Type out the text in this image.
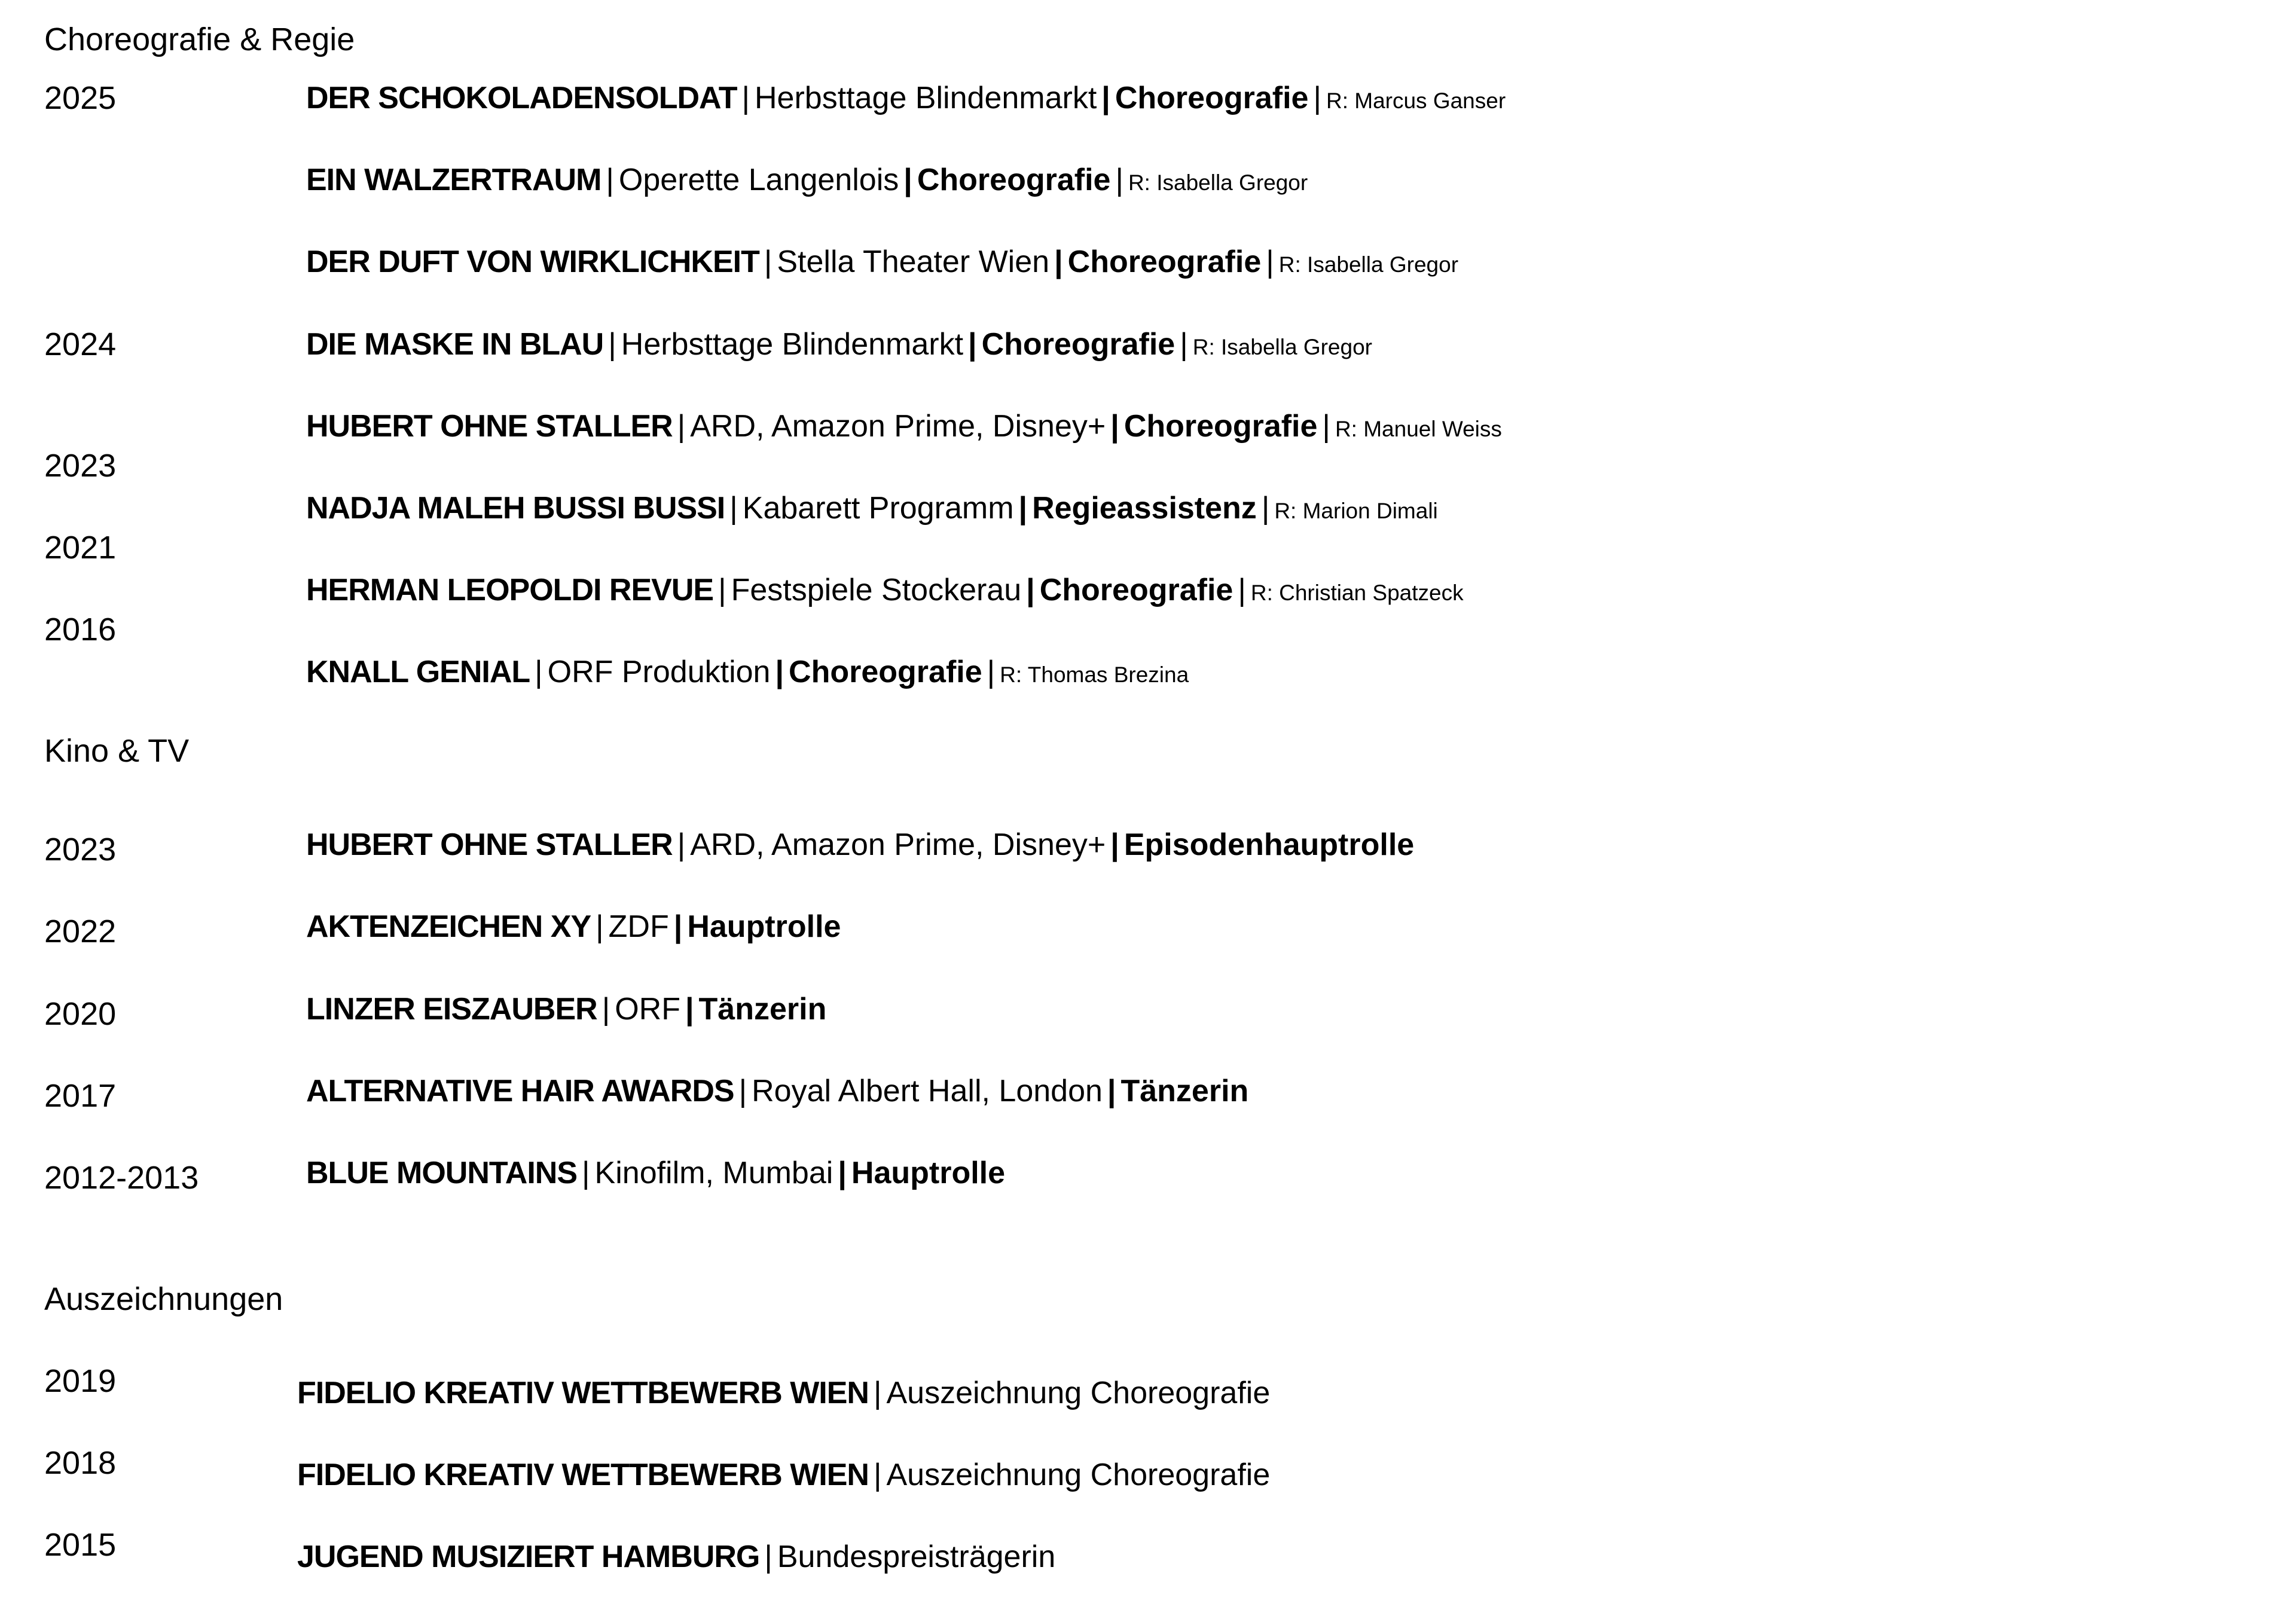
Choreografie & Regie
2025
2024
2023
2021
2016
DER SCHOKOLADENSOLDAT | Herbsttage Blindenmarkt | Choreografie | R: Marcus Ganser
EIN WALZERTRAUM | Operette Langenlois | Choreografie | R: Isabella Gregor
DER DUFT VON WIRKLICHKEIT | Stella Theater Wien | Choreografie | R: Isabella Gregor
DIE MASKE IN BLAU | Herbsttage Blindenmarkt | Choreografie | R: Isabella Gregor
HUBERT OHNE STALLER | ARD, Amazon Prime, Disney+ | Choreografie | R: Manuel Weiss
NADJA MALEH BUSSI BUSSI | Kabarett Programm | Regieassistenz | R: Marion Dimali
HERMAN LEOPOLDI REVUE | Festspiele Stockerau | Choreografie | R: Christian Spatzeck
KNALL GENIAL | ORF Produktion | Choreografie | R: Thomas Brezina
Kino & TV
2023
2022
2020
2017
2012-2013
HUBERT OHNE STALLER | ARD, Amazon Prime, Disney+ | Episodenhauptrolle
AKTENZEICHEN XY | ZDF | Hauptrolle
LINZER EISZAUBER | ORF | Tänzerin
ALTERNATIVE HAIR AWARDS | Royal Albert Hall, London | Tänzerin
BLUE MOUNTAINS | Kinofilm, Mumbai | Hauptrolle
Auszeichnungen
2019
2018
2015
FIDELIO KREATIV WETTBEWERB WIEN | Auszeichnung Choreografie
FIDELIO KREATIV WETTBEWERB WIEN | Auszeichnung Choreografie
JUGEND MUSIZIERT HAMBURG | Bundespreisträgerin
